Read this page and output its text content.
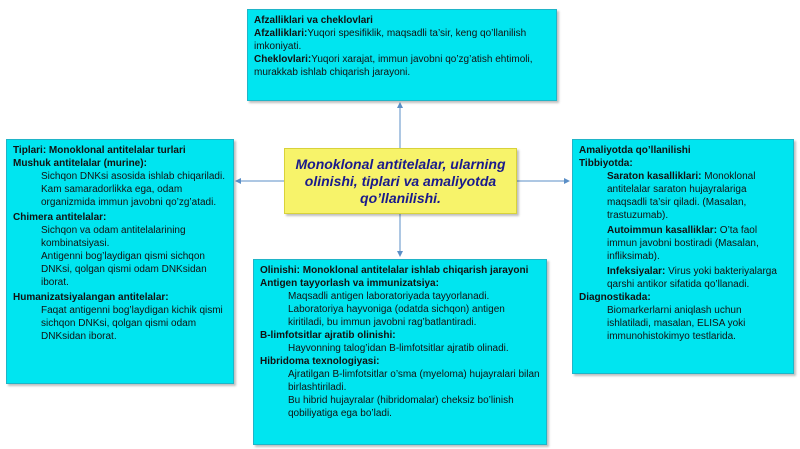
Afzalliklari va cheklovlari
Afzalliklari:Yuqori spesifiklik, maqsadli ta’sir, keng qo’llanilish imkoniyati.
Cheklovlari:Yuqori xarajat, immun javobni qo’zg’atish ehtimoli, murakkab ishlab chiqarish jarayoni.
Monoklonal antitelalar, ularning olinishi, tiplari va amaliyotda qo’llanilishi.
Tiplari: Monoklonal antitelalar turlari
Mushuk antitelalar (murine):
Sichqon DNKsi asosida ishlab chiqariladi.
Kam samaradorlikka ega, odam organizmida immun javobni qo’zg’atadi.
Chimera antitelalar:
Sichqon va odam antitelalarining kombinatsiyasi.
Antigenni bog’laydigan qismi sichqon DNKsi, qolgan qismi odam DNKsidan iborat.
Humanizatsiyalangan antitelalar:
Faqat antigenni bog’laydigan kichik qismi sichqon DNKsi, qolgan qismi odam DNKsidan iborat.
Amaliyotda qo’llanilishi
Tibbiyotda:
Saraton kasalliklari: Monoklonal antitelalar saraton hujayralariga maqsadli ta’sir qiladi. (Masalan, trastuzumab).
Autoimmun kasalliklar: O’ta faol immun javobni bostiradi (Masalan, infliksimab).
Infeksiyalar: Virus yoki bakteriyalarga qarshi antikor sifatida qo’llanadi.
Diagnostikada:
Biomarkerlarni aniqlash uchun ishlatiladi, masalan, ELISA yoki immunohistokimyo testlarida.
Olinishi: Monoklonal antitelalar ishlab chiqarish jarayoni
Antigen tayyorlash va immunizatsiya:
Maqsadli antigen laboratoriyada tayyorlanadi.
Laboratoriya hayvoniga (odatda sichqon) antigen kiritiladi, bu immun javobni rag’batlantiradi.
B-limfotsitlar ajratib olinishi:
Hayvonning talog’idan B-limfotsitlar ajratib olinadi.
Hibridoma texnologiyasi:
Ajratilgan B-limfotsitlar o’sma (myeloma) hujayralari bilan birlashtiriladi.
Bu hibrid hujayralar (hibridomalar) cheksiz bo’linish qobiliyatiga ega bo’ladi.
